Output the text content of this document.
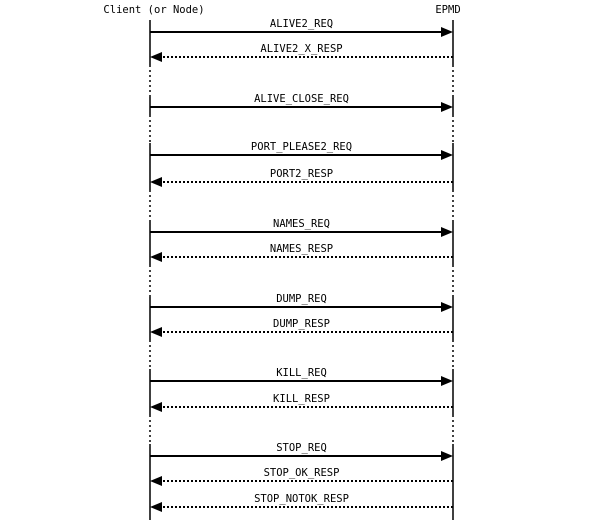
Client (or Node)	EPMD
ALIVE2_REQ
ALIVE2_X_RESP
ALIVE_CLOSE_REQ
PORT_PLEASE2_REQ
PORT2_RESP
NAMES_REQ
NAMES_RESP
DUMP_REQ
DUMP_RESP
KILL_REQ
KILL_RESP
STOP_REQ
STOP_OK_RESP
STOP_NOTOK_RESP
